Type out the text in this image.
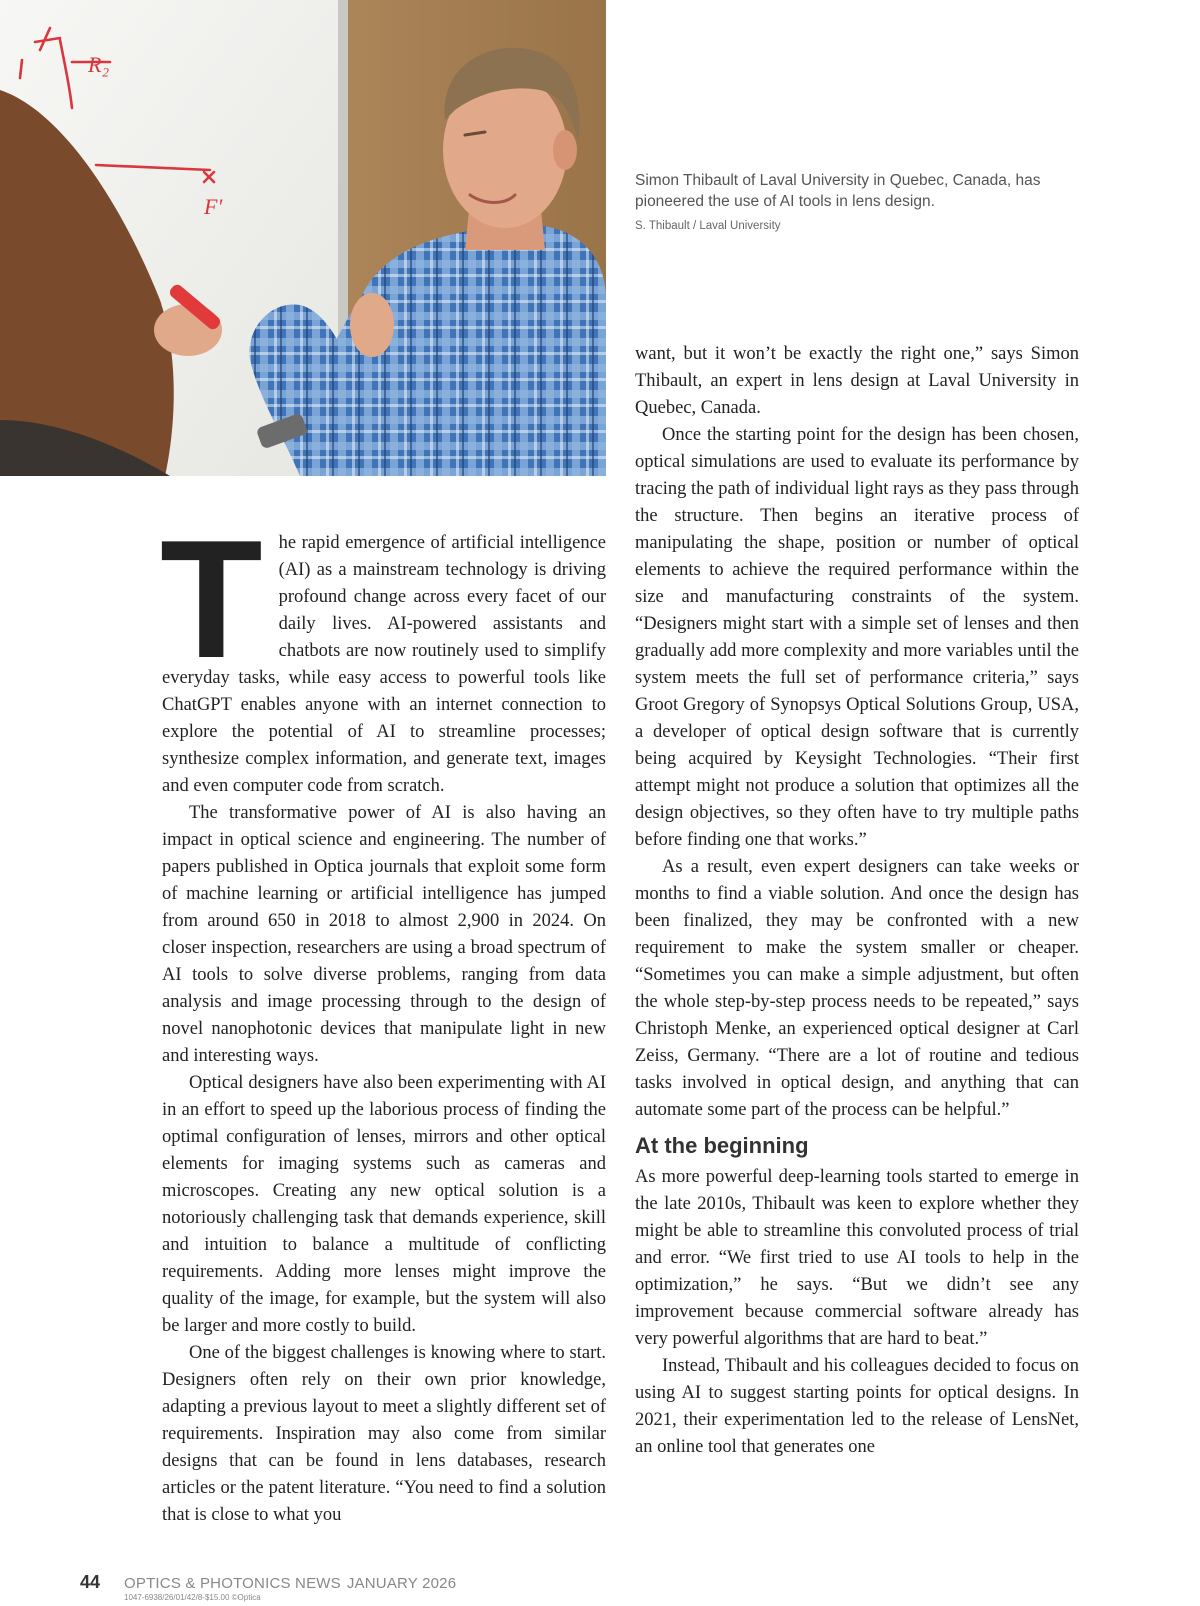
R₂
F'

Simon Thibault of Laval University in Quebec, Canada, has pioneered the use of AI tools in lens design.

S. Thibault / Laval University

T he rapid emergence of artificial intelligence (AI) as a mainstream technology is driving profound change across every facet of our daily lives. AI-powered assistants and chatbots are now routinely used to simplify everyday tasks, while easy access to powerful tools like ChatGPT enables anyone with an internet connection to explore the potential of AI to streamline processes; synthesize complex information, and generate text, images and even computer code from scratch.

The transformative power of AI is also having an impact in optical science and engineering. The number of papers published in Optica journals that exploit some form of machine learning or artificial intelligence has jumped from around 650 in 2018 to almost 2,900 in 2024. On closer inspection, researchers are using a broad spectrum of AI tools to solve diverse problems, ranging from data analysis and image processing through to the design of novel nanophotonic devices that manipulate light in new and interesting ways.

Optical designers have also been experimenting with AI in an effort to speed up the laborious process of finding the optimal configuration of lenses, mirrors and other optical elements for imaging systems such as cameras and microscopes. Creating any new optical solution is a notoriously challenging task that demands experience, skill and intuition to balance a multitude of conflicting requirements. Adding more lenses might improve the quality of the image, for example, but the system will also be larger and more costly to build.

One of the biggest challenges is knowing where to start. Designers often rely on their own prior knowledge, adapting a previous layout to meet a slightly different set of requirements. Inspiration may also come from similar designs that can be found in lens databases, research articles or the patent literature. “You need to find a solution that is close to what you

want, but it won’t be exactly the right one,” says Simon Thibault, an expert in lens design at Laval University in Quebec, Canada.

Once the starting point for the design has been chosen, optical simulations are used to evaluate its performance by tracing the path of individual light rays as they pass through the structure. Then begins an iterative process of manipulating the shape, position or number of optical elements to achieve the required performance within the size and manufacturing constraints of the system. “Designers might start with a simple set of lenses and then gradually add more complexity and more variables until the system meets the full set of performance criteria,” says Groot Gregory of Synopsys Optical Solutions Group, USA, a developer of optical design software that is currently being acquired by Keysight Technologies. “Their first attempt might not produce a solution that optimizes all the design objectives, so they often have to try multiple paths before finding one that works.”

As a result, even expert designers can take weeks or months to find a viable solution. And once the design has been finalized, they may be confronted with a new requirement to make the system smaller or cheaper. “Sometimes you can make a simple adjustment, but often the whole step-by-step process needs to be repeated,” says Christoph Menke, an experienced optical designer at Carl Zeiss, Germany. “There are a lot of routine and tedious tasks involved in optical design, and anything that can automate some part of the process can be helpful.”

At the beginning

As more powerful deep-learning tools started to emerge in the late 2010s, Thibault was keen to explore whether they might be able to streamline this convoluted process of trial and error. “We first tried to use AI tools to help in the optimization,” he says. “But we didn’t see any improvement because commercial software already has very powerful algorithms that are hard to beat.”

Instead, Thibault and his colleagues decided to focus on using AI to suggest starting points for optical designs. In 2021, their experimentation led to the release of LensNet, an online tool that generates one

44 OPTICS & PHOTONICS NEWS JANUARY 2026
1047-6938/26/01/42/8-$15.00 ©Optica
